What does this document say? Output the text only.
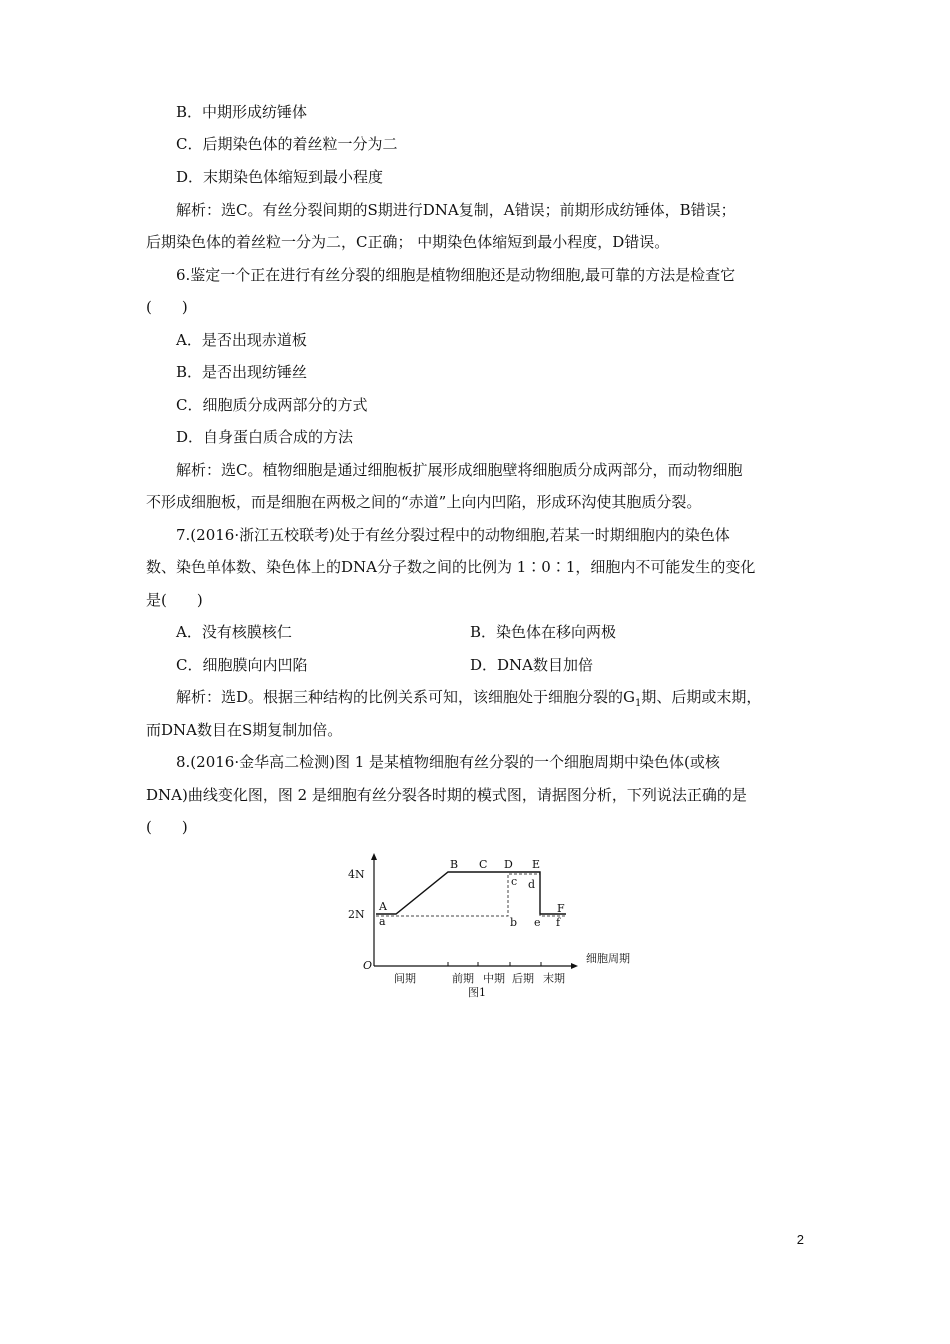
B．中期形成纺锤体
C．后期染色体的着丝粒一分为二
D．末期染色体缩短到最小程度
解析：选C。有丝分裂间期的S期进行DNA复制，A错误；前期形成纺锤体，B错误；
后期染色体的着丝粒一分为二，C正确； 中期染色体缩短到最小程度，D错误。
6.鉴定一个正在进行有丝分裂的细胞是植物细胞还是动物细胞,最可靠的方法是检查它
(　　)
A．是否出现赤道板
B．是否出现纺锤丝
C．细胞质分成两部分的方式
D．自身蛋白质合成的方法
解析：选C。植物细胞是通过细胞板扩展形成细胞壁将细胞质分成两部分，而动物细胞
不形成细胞板，而是细胞在两极之间的“赤道”上向内凹陷，形成环沟使其胞质分裂。
7.(2016·浙江五校联考)处于有丝分裂过程中的动物细胞,若某一时期细胞内的染色体
数、染色单体数、染色体上的DNA分子数之间的比例为 1∶0∶1，细胞内不可能发生的变化
是(　　)
A．没有核膜核仁	B．染色体在移向两极
C．细胞膜向内凹陷	D．DNA数目加倍
解析：选D。根据三种结构的比例关系可知，该细胞处于细胞分裂的$G_1$期、后期或末期，
而DNA数目在S期复制加倍。
8.(2016·金华高二检测)图 1 是某植物细胞有丝分裂的一个细胞周期中染色体(或核
DNA)曲线变化图，图 2 是细胞有丝分裂各时期的模式图，请据图分析，下列说法正确的是
(　　)
4N
2N
O
间期	前期 中期 后期 末期
细胞周期
图1
A
B C D E
F
a	b
c d
e f
2
